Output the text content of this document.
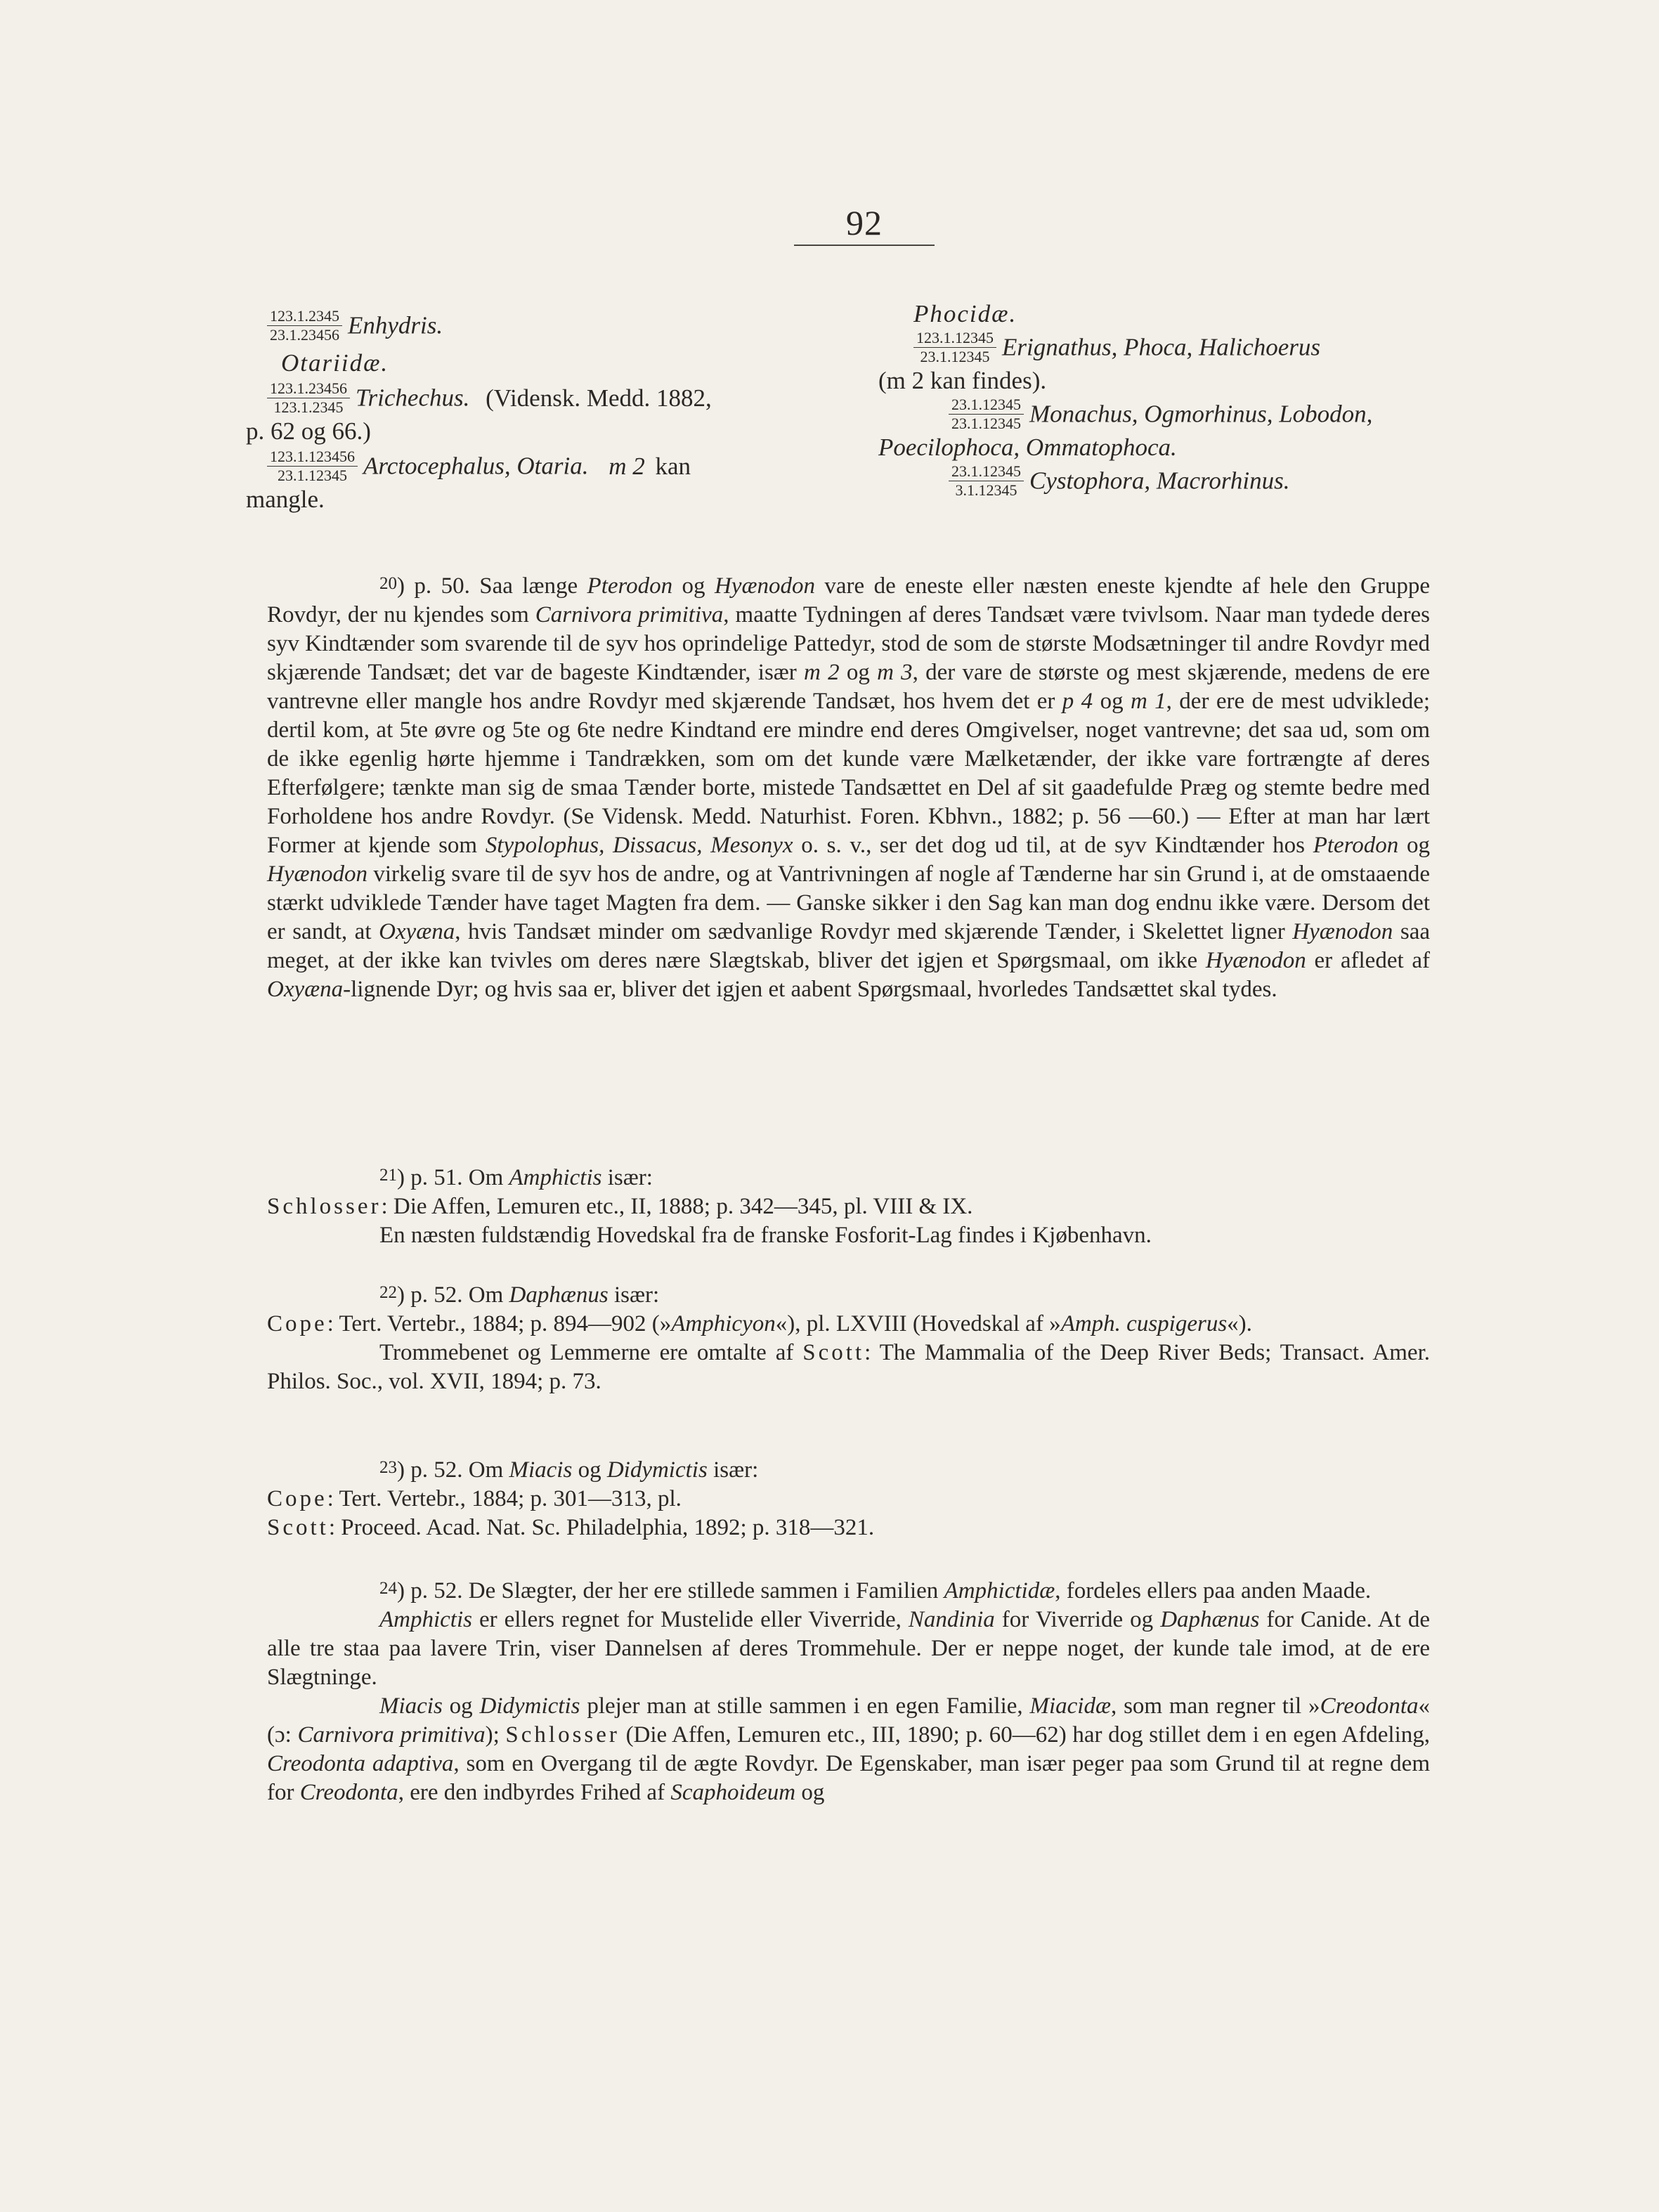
92
$\frac{123.1.2345}{23.1.23456}$ Enhydris.
Otariidæ.
$\frac{123.1.23456}{123.1.2345}$ Trichechus. (Vidensk. Medd. 1882,
p. 62 og 66.)
$\frac{123.1.123456}{23.1.12345}$ Arctocephalus, Otaria. m 2 kan
mangle.
Phocidæ.
$\frac{123.1.12345}{23.1.12345}$ Erignathus, Phoca, Halichoerus
(m 2 kan findes).
$\frac{23.1.12345}{23.1.12345}$ Monachus, Ogmorhinus, Lobodon,
Poecilophoca, Ommatophoca.
$\frac{23.1.12345}{3.1.12345}$ Cystophora, Macrorhinus.

20) p. 50. Saa længe Pterodon og Hyænodon vare de eneste eller næsten eneste kjendte af hele den Gruppe Rovdyr, der nu kjendes som Carnivora primitiva, maatte Tydningen af deres Tandsæt være tvivlsom. Naar man tydede deres syv Kindtænder som svarende til de syv hos oprindelige Pattedyr, stod de som de største Modsætninger til andre Rovdyr med skjærende Tandsæt; det var de bageste Kindtænder, især m 2 og m 3, der vare de største og mest skjærende, medens de ere vantrevne eller mangle hos andre Rovdyr med skjærende Tandsæt, hos hvem det er p 4 og m 1, der ere de mest udviklede; dertil kom, at 5te øvre og 5te og 6te nedre Kindtand ere mindre end deres Omgivelser, noget vantrevne; det saa ud, som om de ikke egenlig hørte hjemme i Tandrækken, som om det kunde være Mælketænder, der ikke vare fortrængte af deres Efterfølgere; tænkte man sig de smaa Tænder borte, mistede Tandsættet en Del af sit gaadefulde Præg og stemte bedre med Forholdene hos andre Rovdyr. (Se Vidensk. Medd. Naturhist. Foren. Kbhvn., 1882; p. 56 —60.) — Efter at man har lært Former at kjende som Stypolophus, Dissacus, Mesonyx o. s. v., ser det dog ud til, at de syv Kindtænder hos Pterodon og Hyænodon virkelig svare til de syv hos de andre, og at Vantrivningen af nogle af Tænderne har sin Grund i, at de omstaaende stærkt udviklede Tænder have taget Magten fra dem. — Ganske sikker i den Sag kan man dog endnu ikke være. Dersom det er sandt, at Oxyæna, hvis Tandsæt minder om sædvanlige Rovdyr med skjærende Tænder, i Skelettet ligner Hyænodon saa meget, at der ikke kan tvivles om deres nære Slægtskab, bliver det igjen et Spørgsmaal, om ikke Hyænodon er afledet af Oxyæna-lignende Dyr; og hvis saa er, bliver det igjen et aabent Spørgsmaal, hvorledes Tandsættet skal tydes.

21) p. 51. Om Amphictis især:

Schlosser: Die Affen, Lemuren etc., II, 1888; p. 342—345, pl. VIII & IX.

En næsten fuldstændig Hovedskal fra de franske Fosforit-Lag findes i Kjøbenhavn.

22) p. 52. Om Daphænus især:

Cope: Tert. Vertebr., 1884; p. 894—902 (»Amphicyon«), pl. LXVIII (Hovedskal af »Amph. cuspigerus«).

Trommebenet og Lemmerne ere omtalte af Scott: The Mammalia of the Deep River Beds; Transact. Amer. Philos. Soc., vol. XVII, 1894; p. 73.

23) p. 52. Om Miacis og Didymictis især:

Cope: Tert. Vertebr., 1884; p. 301—313, pl.

Scott: Proceed. Acad. Nat. Sc. Philadelphia, 1892; p. 318—321.

24) p. 52. De Slægter, der her ere stillede sammen i Familien Amphictidæ, fordeles ellers paa anden Maade.

Amphictis er ellers regnet for Mustelide eller Viverride, Nandinia for Viverride og Daphænus for Canide. At de alle tre staa paa lavere Trin, viser Dannelsen af deres Trommehule. Der er neppe noget, der kunde tale imod, at de ere Slægtninge.

Miacis og Didymictis plejer man at stille sammen i en egen Familie, Miacidæ, som man regner til »Creodonta« (ɔ: Carnivora primitiva); Schlosser (Die Affen, Lemuren etc., III, 1890; p. 60—62) har dog stillet dem i en egen Afdeling, Creodonta adaptiva, som en Overgang til de ægte Rovdyr. De Egenskaber, man især peger paa som Grund til at regne dem for Creodonta, ere den indbyrdes Frihed af Scaphoideum og
